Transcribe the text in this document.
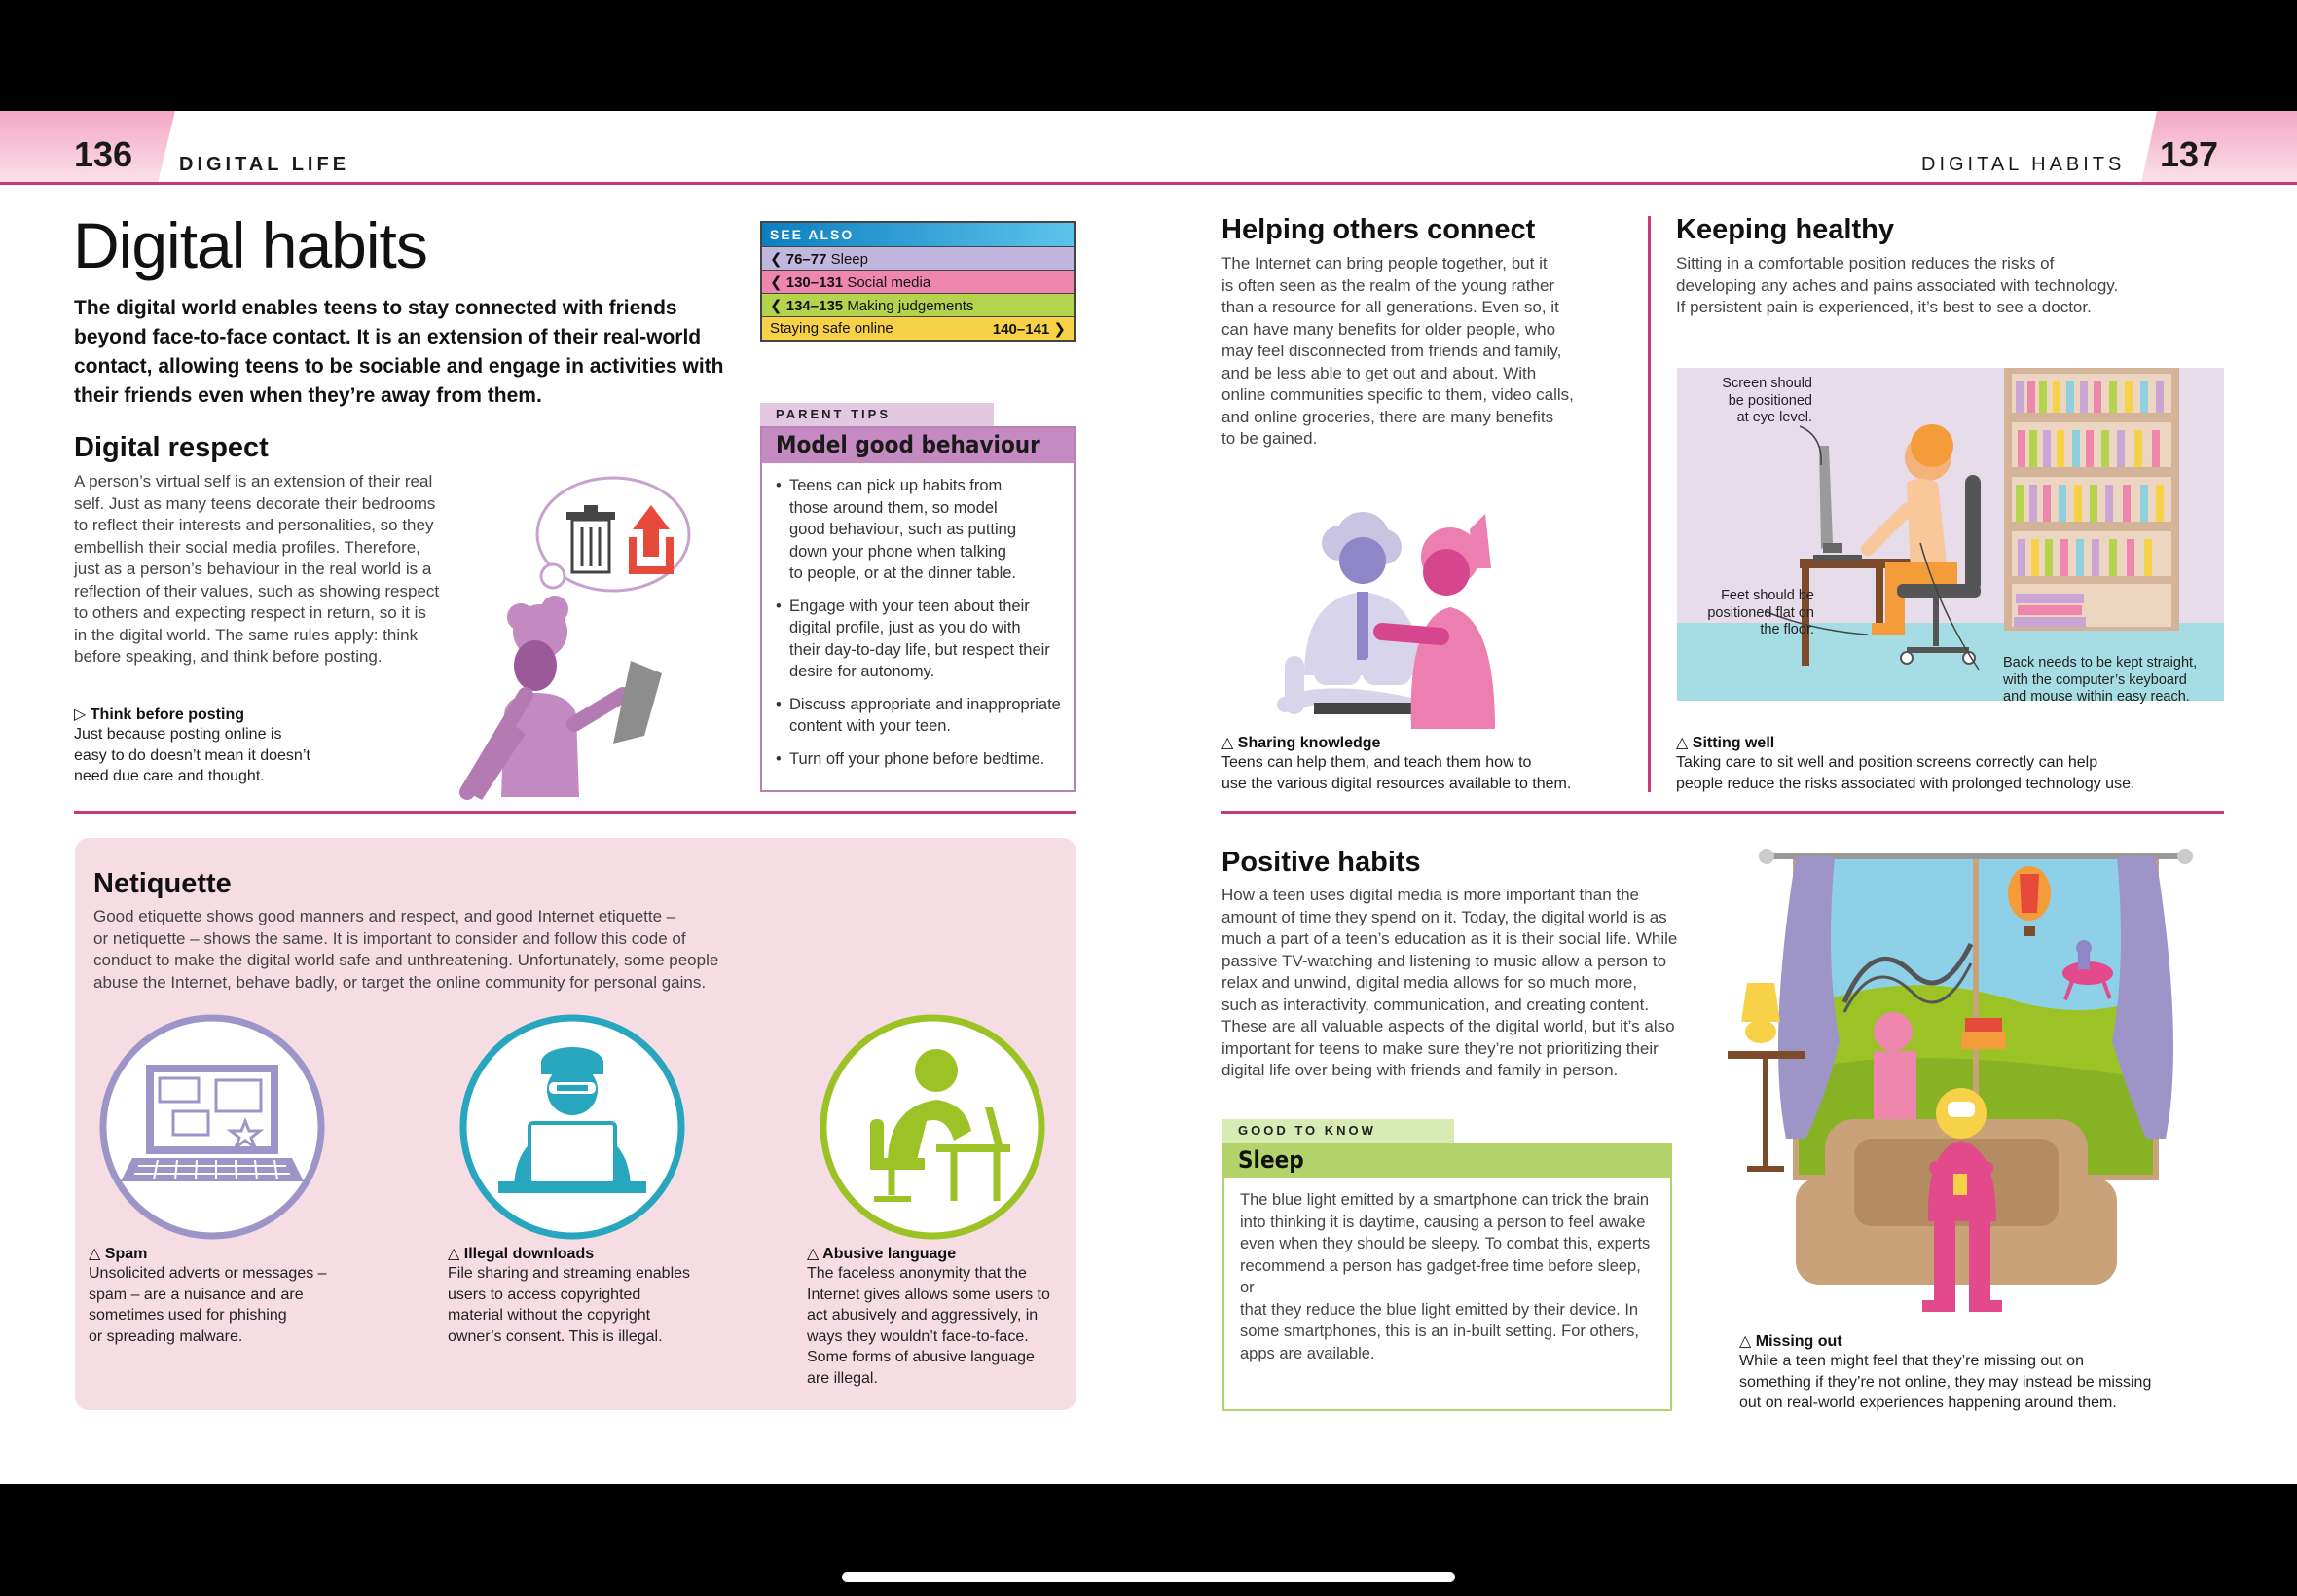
136 DIGITAL LIFE	DIGITAL HABITS 137
Digital habits
The digital world enables teens to stay connected with friends beyond face-to-face contact. It is an extension of their real-world contact, allowing teens to be sociable and engage in activities with their friends even when they’re away from them.
Digital respect
A person’s virtual self is an extension of their real
self. Just as many teens decorate their bedrooms
to reflect their interests and personalities, so they
embellish their social media profiles. Therefore,
just as a person’s behaviour in the real world is a
reflection of their values, such as showing respect
to others and expecting respect in return, so it is
in the digital world. The same rules apply: think
before speaking, and think before posting.
▷ Think before posting
Just because posting online is
easy to do doesn’t mean it doesn’t
need due care and thought.
SEE ALSO
❮ 76–77 Sleep
❮ 130–131 Social media
❮ 134–135 Making judgements
Staying safe online	140–141 ❯
PARENT TIPS
Model good behaviour
• Teens can pick up habits from
those around them, so model
good behaviour, such as putting
down your phone when talking
to people, or at the dinner table.
• Engage with your teen about their
digital profile, just as you do with
their day-to-day life, but respect their
desire for autonomy.
• Discuss appropriate and inappropriate
content with your teen.
• Turn off your phone before bedtime.
Netiquette
Good etiquette shows good manners and respect, and good Internet etiquette –
or netiquette – shows the same. It is important to consider and follow this code of
conduct to make the digital world safe and unthreatening. Unfortunately, some people
abuse the Internet, behave badly, or target the online community for personal gains.
△ Spam
Unsolicited adverts or messages –
spam – are a nuisance and are
sometimes used for phishing
or spreading malware.
△ Illegal downloads
File sharing and streaming enables
users to access copyrighted
material without the copyright
owner’s consent. This is illegal.
△ Abusive language
The faceless anonymity that the
Internet gives allows some users to
act abusively and aggressively, in
ways they wouldn’t face-to-face.
Some forms of abusive language
are illegal.
Helping others connect
The Internet can bring people together, but it
is often seen as the realm of the young rather
than a resource for all generations. Even so, it
can have many benefits for older people, who
may feel disconnected from friends and family,
and be less able to get out and about. With
online communities specific to them, video calls,
and online groceries, there are many benefits
to be gained.
△ Sharing knowledge
Teens can help them, and teach them how to
use the various digital resources available to them.
Keeping healthy
Sitting in a comfortable position reduces the risks of
developing any aches and pains associated with technology.
If persistent pain is experienced, it’s best to see a doctor.
Screen should
be positioned
at eye level.
Feet should be
positioned flat on
the floor.
Back needs to be kept straight,
with the computer’s keyboard
and mouse within easy reach.
△ Sitting well
Taking care to sit well and position screens correctly can help
people reduce the risks associated with prolonged technology use.
Positive habits
How a teen uses digital media is more important than the
amount of time they spend on it. Today, the digital world is as
much a part of a teen’s education as it is their social life. While
passive TV-watching and listening to music allow a person to
relax and unwind, digital media allows for so much more,
such as interactivity, communication, and creating content.
These are all valuable aspects of the digital world, but it’s also
important for teens to make sure they’re not prioritizing their
digital life over being with friends and family in person.
GOOD TO KNOW
Sleep
The blue light emitted by a smartphone can trick the brain
into thinking it is daytime, causing a person to feel awake
even when they should be sleepy. To combat this, experts
recommend a person has gadget-free time before sleep, or
that they reduce the blue light emitted by their device. In
some smartphones, this is an in-built setting. For others,
apps are available.
△ Missing out
While a teen might feel that they’re missing out on
something if they’re not online, they may instead be missing
out on real-world experiences happening around them.
